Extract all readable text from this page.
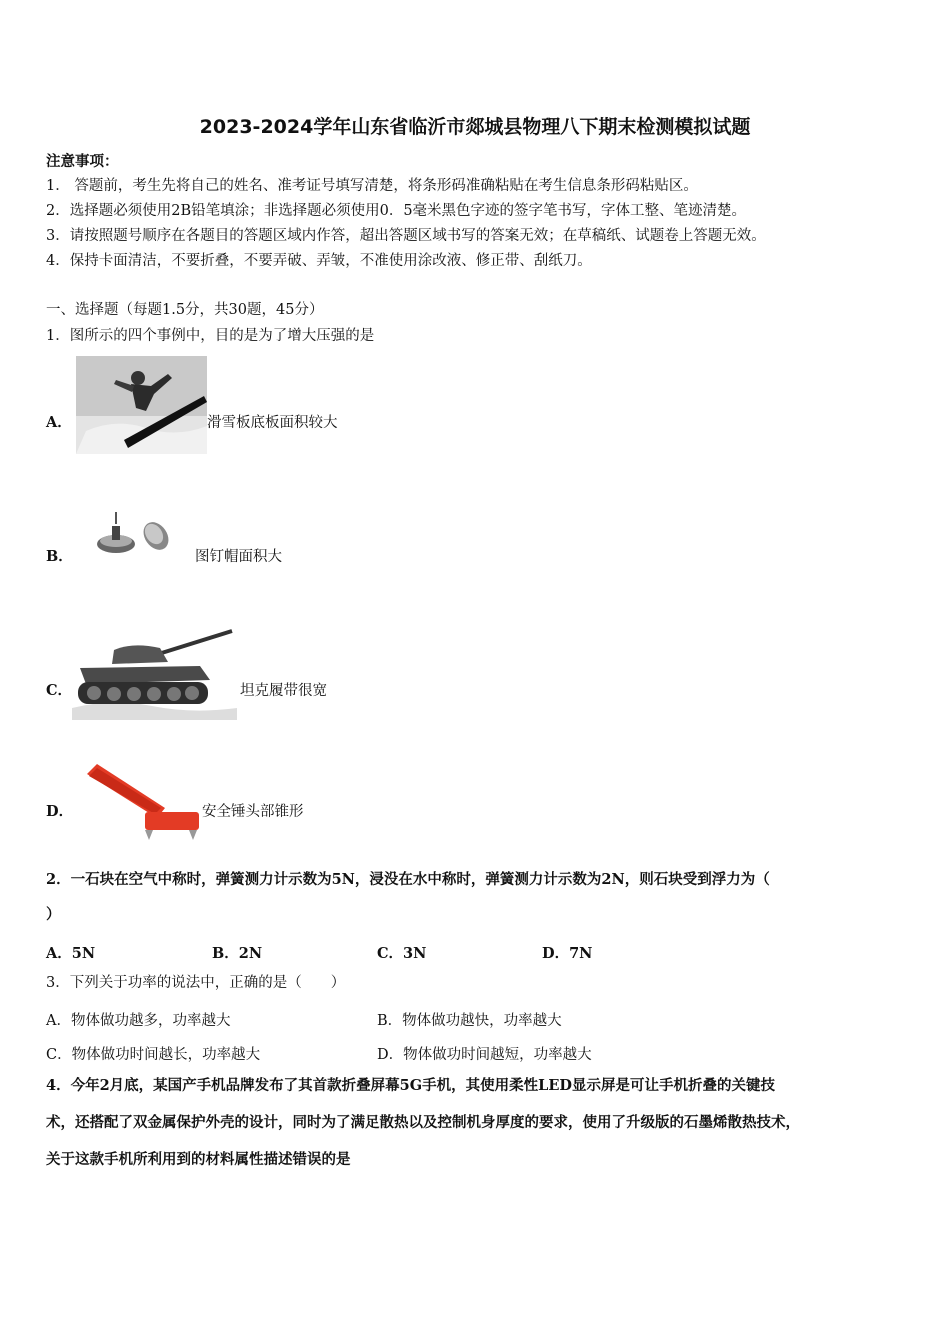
2023-2024学年山东省临沂市郯城县物理八下期末检测模拟试题
注意事项：
1． 答题前，考生先将自己的姓名、准考证号填写清楚，将条形码准确粘贴在考生信息条形码粘贴区。
2．选择题必须使用2B铅笔填涂；非选择题必须使用0．5毫米黑色字迹的签字笔书写，字体工整、笔迹清楚。
3．请按照题号顺序在各题目的答题区域内作答，超出答题区域书写的答案无效；在草稿纸、试题卷上答题无效。
4．保持卡面清洁，不要折叠，不要弄破、弄皱，不准使用涂改液、修正带、刮纸刀。
一、选择题（每题1.5分，共30题，45分）
1．图所示的四个事例中，目的是为了增大压强的是
A．	滑雪板底板面积较大
B．	图钉帽面积大
C．	坦克履带很宽
D．	安全锤头部锥形
2．一石块在空气中称时，弹簧测力计示数为5N，浸没在水中称时，弹簧测力计示数为2N，则石块受到浮力为（
）
A．5N	B．2N	C．3N	D．7N
3．下列关于功率的说法中，正确的是（　　）
A．物体做功越多，功率越大	B．物体做功越快，功率越大
C．物体做功时间越长，功率越大	D．物体做功时间越短，功率越大
4．今年2月底，某国产手机品牌发布了其首款折叠屏幕5G手机，其使用柔性LED显示屏是可让手机折叠的关键技
术，还搭配了双金属保护外壳的设计，同时为了满足散热以及控制机身厚度的要求，使用了升级版的石墨烯散热技术，
关于这款手机所利用到的材料属性描述错误的是
